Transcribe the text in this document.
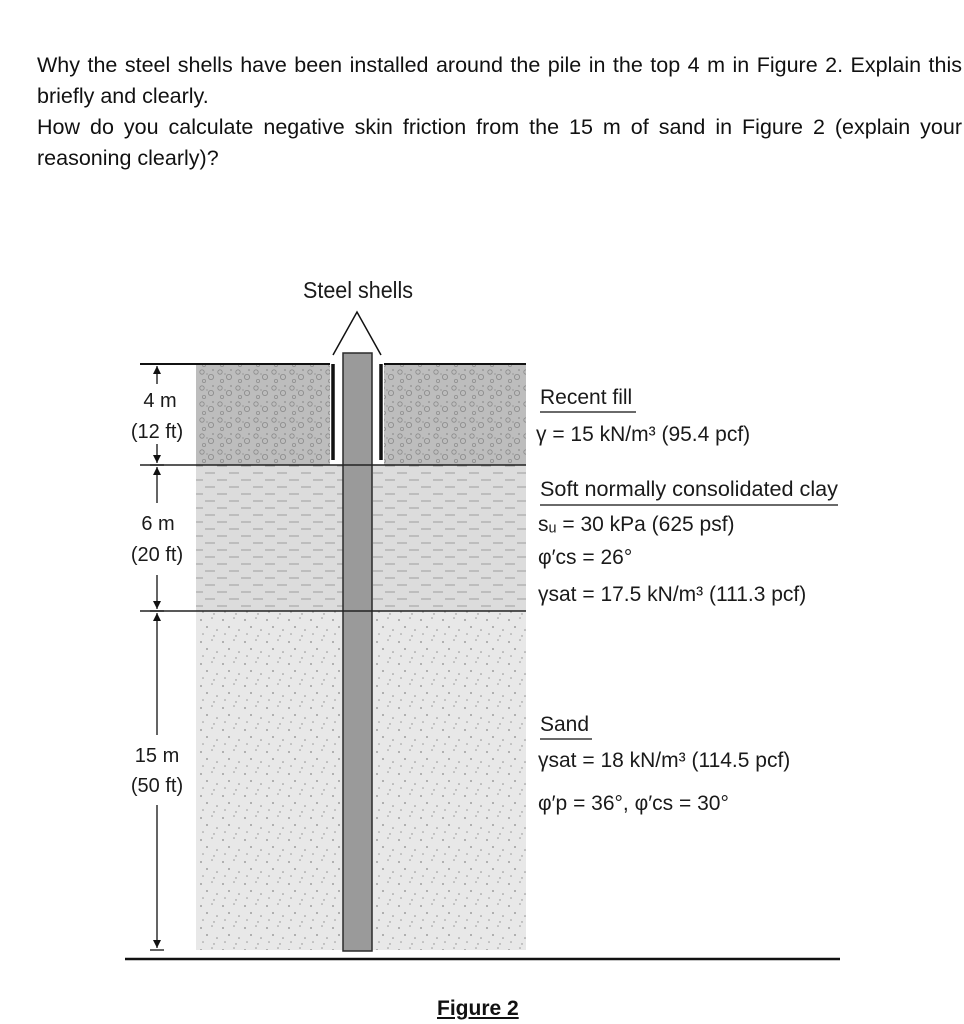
Why the steel shells have been installed around the pile in the top 4 m in Figure 2. Explain this briefly and clearly.

How do you calculate negative skin friction from the 15 m of sand in Figure 2 (explain your reasoning clearly)?

Steel shells
4 m
(12 ft)
6 m
(20 ft)
15 m
(50 ft)
Recent fill
γ = 15 kN/m³ (95.4 pcf)
Soft normally consolidated clay
sᵤ = 30 kPa (625 psf)
φ′cs = 26°
γsat = 17.5 kN/m³ (111.3 pcf)
Sand
γsat = 18 kN/m³ (114.5 pcf)
φ′p = 36°, φ′cs = 30°
Figure 2
